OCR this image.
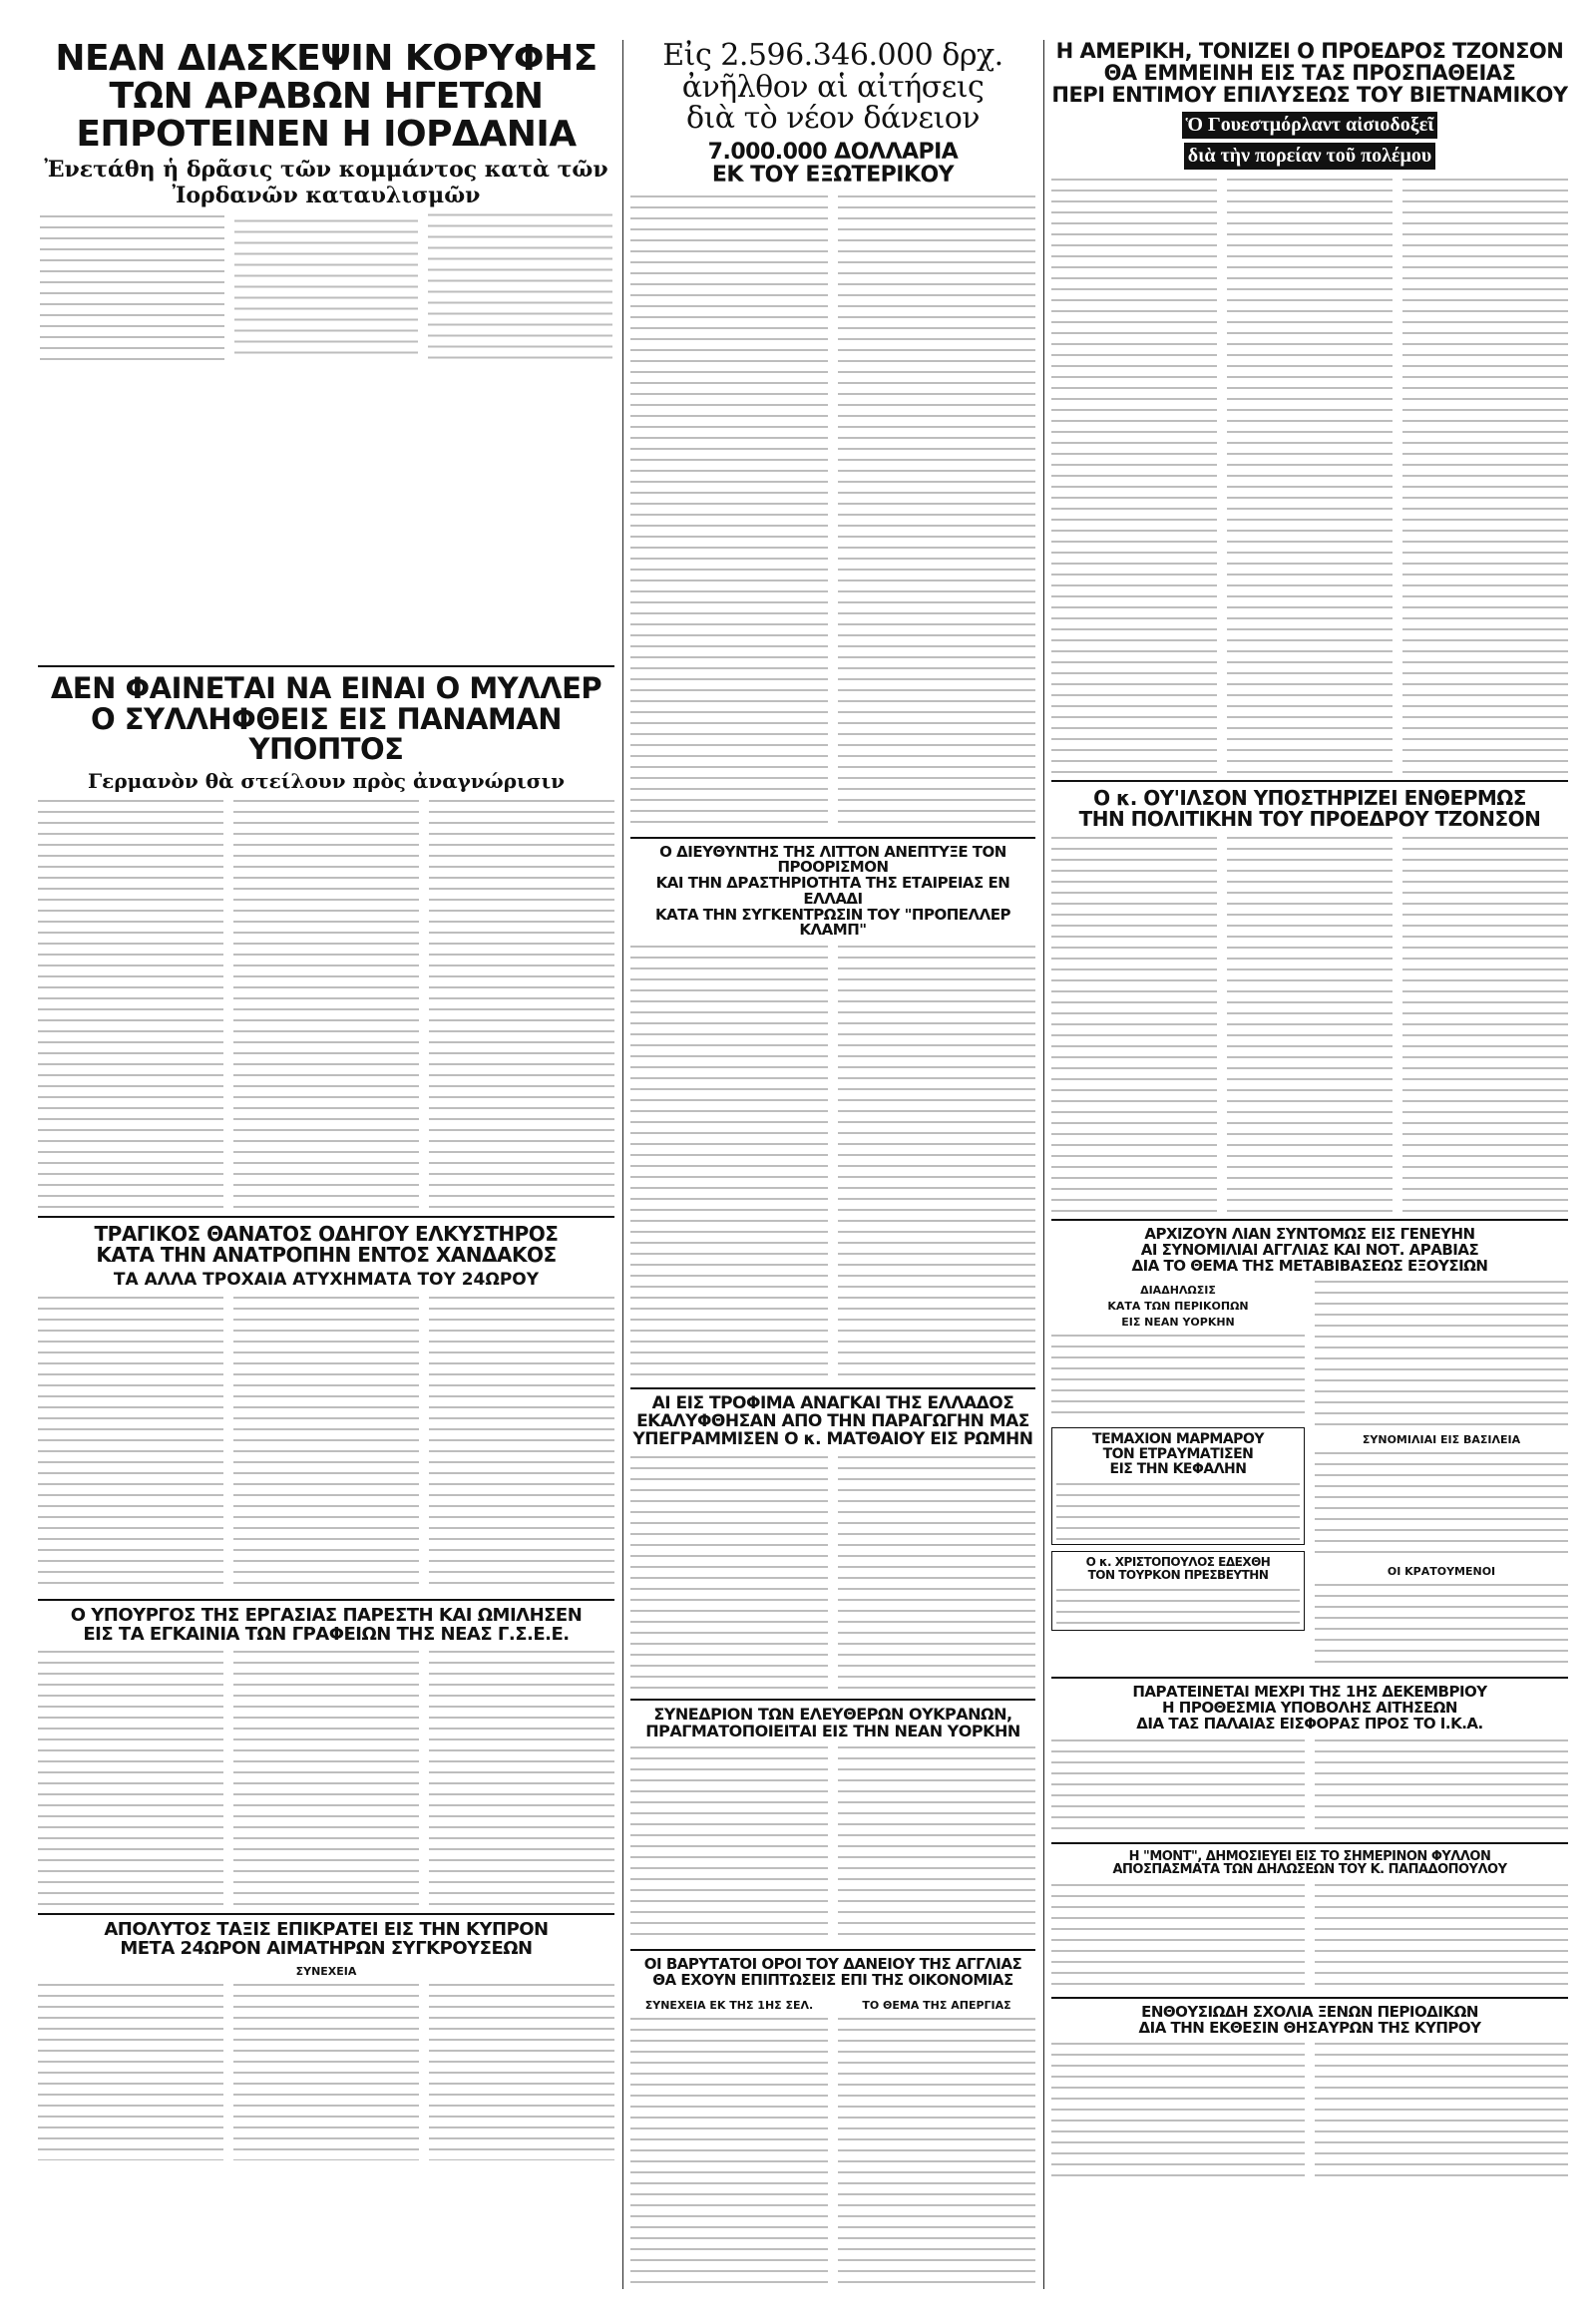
ΝΕΑΝ ΔΙΑΣΚΕΨΙΝ ΚΟΡΥΦΗΣ
ΤΩΝ ΑΡΑΒΩΝ ΗΓΕΤΩΝ
ΕΠΡΟΤΕΙΝΕΝ Η ΙΟΡΔΑΝΙΑ
Ἐνετάθη ἡ δρᾶσις τῶν κομμάντος κατὰ τῶν Ἰορδανῶν καταυλισμῶν
ΔΕΝ ΦΑΙΝΕΤΑΙ ΝΑ ΕΙΝΑΙ Ο ΜΥΛΛΕΡ
Ο ΣΥΛΛΗΦΘΕΙΣ ΕΙΣ ΠΑΝΑΜΑΝ ΥΠΟΠΤΟΣ
Γερμανὸν θὰ στείλουν πρὸς ἀναγνώρισιν
ΤΡΑΓΙΚΟΣ ΘΑΝΑΤΟΣ ΟΔΗΓΟΥ ΕΛΚΥΣΤΗΡΟΣ
ΚΑΤΑ ΤΗΝ ΑΝΑΤΡΟΠΗΝ ΕΝΤΟΣ ΧΑΝΔΑΚΟΣ
ΤΑ ΑΛΛΑ ΤΡΟΧΑΙΑ ΑΤΥΧΗΜΑΤΑ ΤΟΥ 24ΩΡΟΥ
Ο ΥΠΟΥΡΓΟΣ ΤΗΣ ΕΡΓΑΣΙΑΣ ΠΑΡΕΣΤΗ ΚΑΙ ΩΜΙΛΗΣΕΝ
ΕΙΣ ΤΑ ΕΓΚΑΙΝΙΑ ΤΩΝ ΓΡΑΦΕΙΩΝ ΤΗΣ ΝΕΑΣ Γ.Σ.Ε.Ε.
ΑΠΟΛΥΤΟΣ ΤΑΞΙΣ ΕΠΙΚΡΑΤΕΙ ΕΙΣ ΤΗΝ ΚΥΠΡΟΝ
ΜΕΤΑ 24ΩΡΟΝ ΑΙΜΑΤΗΡΩΝ ΣΥΓΚΡΟΥΣΕΩΝ
ΣΥΝΕΧΕΙΑ
Εἰς 2.596.346.000 δρχ.
ἀνῆλθον αἱ αἰτήσεις
διὰ τὸ νέον δάνειον
7.000.000 ΔΟΛΛΑΡΙΑ
ΕΚ ΤΟΥ ΕΞΩΤΕΡΙΚΟΥ
Ο ΔΙΕΥΘΥΝΤΗΣ ΤΗΣ ΛΙΤΤΟΝ ΑΝΕΠΤΥΞΕ ΤΟΝ ΠΡΟΟΡΙΣΜΟΝ
ΚΑΙ ΤΗΝ ΔΡΑΣΤΗΡΙΟΤΗΤΑ ΤΗΣ ΕΤΑΙΡΕΙΑΣ ΕΝ ΕΛΛΑΔΙ
ΚΑΤΑ ΤΗΝ ΣΥΓΚΕΝΤΡΩΣΙΝ ΤΟΥ "ΠΡΟΠΕΛΛΕΡ ΚΛΑΜΠ"
ΑΙ ΕΙΣ ΤΡΟΦΙΜΑ ΑΝΑΓΚΑΙ ΤΗΣ ΕΛΛΑΔΟΣ
ΕΚΑΛΥΦΘΗΣΑΝ ΑΠΟ ΤΗΝ ΠΑΡΑΓΩΓΗΝ ΜΑΣ
ΥΠΕΓΡΑΜΜΙΣΕΝ Ο κ. ΜΑΤΘΑΙΟΥ ΕΙΣ ΡΩΜΗΝ
ΣΥΝΕΔΡΙΟΝ ΤΩΝ ΕΛΕΥΘΕΡΩΝ ΟΥΚΡΑΝΩΝ,
ΠΡΑΓΜΑΤΟΠΟΙΕΙΤΑΙ ΕΙΣ ΤΗΝ ΝΕΑΝ ΥΟΡΚΗΝ
ΟΙ ΒΑΡΥΤΑΤΟΙ ΟΡΟΙ ΤΟΥ ΔΑΝΕΙΟΥ ΤΗΣ ΑΓΓΛΙΑΣ
ΘΑ ΕΧΟΥΝ ΕΠΙΠΤΩΣΕΙΣ ΕΠΙ ΤΗΣ ΟΙΚΟΝΟΜΙΑΣ
ΣΥΝΕΧΕΙΑ ΕΚ ΤΗΣ 1ΗΣ ΣΕΛ.	ΤΟ ΘΕΜΑ ΤΗΣ ΑΠΕΡΓΙΑΣ
Η ΑΜΕΡΙΚΗ, ΤΟΝΙΖΕΙ Ο ΠΡΟΕΔΡΟΣ ΤΖΟΝΣΟΝ
ΘΑ ΕΜΜΕΙΝΗ ΕΙΣ ΤΑΣ ΠΡΟΣΠΑΘΕΙΑΣ
ΠΕΡΙ ΕΝΤΙΜΟΥ ΕΠΙΛΥΣΕΩΣ ΤΟΥ ΒΙΕΤΝΑΜΙΚΟΥ
Ὁ Γουεστμόρλαντ αἰσιοδοξεῖ
διὰ τὴν πορείαν τοῦ πολέμου
Ο κ. ΟΥ'ΙΛΣΟΝ ΥΠΟΣΤΗΡΙΖΕΙ ΕΝΘΕΡΜΩΣ
ΤΗΝ ΠΟΛΙΤΙΚΗΝ ΤΟΥ ΠΡΟΕΔΡΟΥ ΤΖΟΝΣΟΝ
ΑΡΧΙΖΟΥΝ ΛΙΑΝ ΣΥΝΤΟΜΩΣ ΕΙΣ ΓΕΝΕΥΗΝ
ΑΙ ΣΥΝΟΜΙΛΙΑΙ ΑΓΓΛΙΑΣ ΚΑΙ ΝΟΤ. ΑΡΑΒΙΑΣ
ΔΙΑ ΤΟ ΘΕΜΑ ΤΗΣ ΜΕΤΑΒΙΒΑΣΕΩΣ ΕΞΟΥΣΙΩΝ
ΔΙΑΔΗΛΩΣΙΣ
ΚΑΤΑ ΤΩΝ ΠΕΡΙΚΟΠΩΝ
ΕΙΣ ΝΕΑΝ ΥΟΡΚΗΝ
ΤΕΜΑΧΙΟΝ ΜΑΡΜΑΡΟΥ
ΤΟΝ ΕΤΡΑΥΜΑΤΙΣΕΝ
ΕΙΣ ΤΗΝ ΚΕΦΑΛΗΝ
Ο κ. ΧΡΙΣΤΟΠΟΥΛΟΣ ΕΔΕΧΘΗ
ΤΟΝ ΤΟΥΡΚΟΝ ΠΡΕΣΒΕΥΤΗΝ
ΣΥΝΟΜΙΛΙΑΙ ΕΙΣ ΒΑΣΙΛΕΙΑ
ΟΙ ΚΡΑΤΟΥΜΕΝΟΙ
ΠΑΡΑΤΕΙΝΕΤΑΙ ΜΕΧΡΙ ΤΗΣ 1ΗΣ ΔΕΚΕΜΒΡΙΟΥ
Η ΠΡΟΘΕΣΜΙΑ ΥΠΟΒΟΛΗΣ ΑΙΤΗΣΕΩΝ
ΔΙΑ ΤΑΣ ΠΑΛΑΙΑΣ ΕΙΣΦΟΡΑΣ ΠΡΟΣ ΤΟ Ι.Κ.Α.
Η "ΜΟΝΤ", ΔΗΜΟΣΙΕΥΕΙ ΕΙΣ ΤΟ ΣΗΜΕΡΙΝΟΝ ΦΥΛΛΟΝ
ΑΠΟΣΠΑΣΜΑΤΑ ΤΩΝ ΔΗΛΩΣΕΩΝ ΤΟΥ Κ. ΠΑΠΑΔΟΠΟΥΛΟΥ
ΕΝΘΟΥΣΙΩΔΗ ΣΧΟΛΙΑ ΞΕΝΩΝ ΠΕΡΙΟΔΙΚΩΝ
ΔΙΑ ΤΗΝ ΕΚΘΕΣΙΝ ΘΗΣΑΥΡΩΝ ΤΗΣ ΚΥΠΡΟΥ
